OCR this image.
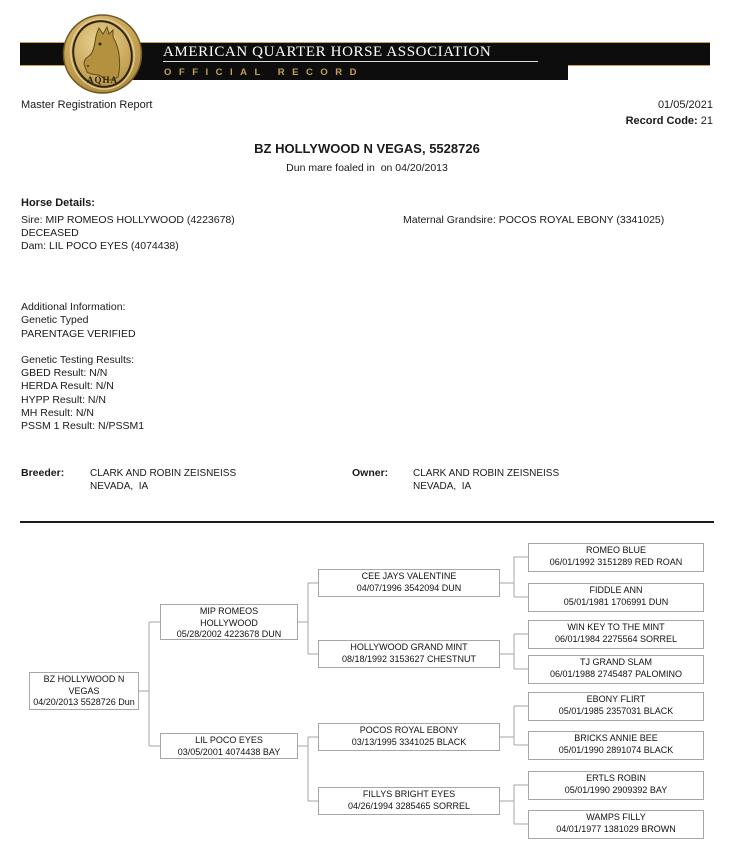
AMERICAN QUARTER HORSE ASSOCIATION
OFFICIAL RECORD
AQHA
Master Registration Report	01/05/2021
Record Code: 21
BZ HOLLYWOOD N VEGAS, 5528726
Dun mare foaled in  on 04/20/2013
Horse Details:
Sire: MIP ROMEOS HOLLYWOOD (4223678)
DECEASED
Dam: LIL POCO EYES (4074438)
Maternal Grandsire: POCOS ROYAL EBONY (3341025)
Additional Information:
Genetic Typed
PARENTAGE VERIFIED
Genetic Testing Results:
GBED Result: N/N
HERDA Result: N/N
HYPP Result: N/N
MH Result: N/N
PSSM 1 Result: N/PSSM1
Breeder:	CLARK AND ROBIN ZEISNEISS
NEVADA,  IA
Owner: CLARK AND ROBIN ZEISNEISS
NEVADA,  IA
BZ HOLLYWOOD N VEGAS
04/20/2013 5528726 Dun
MIP ROMEOS HOLLYWOOD
05/28/2002 4223678 DUN
LIL POCO EYES
03/05/2001 4074438 BAY
CEE JAYS VALENTINE
04/07/1996 3542094 DUN
HOLLYWOOD GRAND MINT
08/18/1992 3153627 CHESTNUT
POCOS ROYAL EBONY
03/13/1995 3341025 BLACK
FILLYS BRIGHT EYES
04/26/1994 3285465 SORREL
ROMEO BLUE
06/01/1992 3151289 RED ROAN
FIDDLE ANN
05/01/1981 1706991 DUN
WIN KEY TO THE MINT
06/01/1984 2275564 SORREL
TJ GRAND SLAM
06/01/1988 2745487 PALOMINO
EBONY FLIRT
05/01/1985 2357031 BLACK
BRICKS ANNIE BEE
05/01/1990 2891074 BLACK
ERTLS ROBIN
05/01/1990 2909392 BAY
WAMPS FILLY
04/01/1977 1381029 BROWN
